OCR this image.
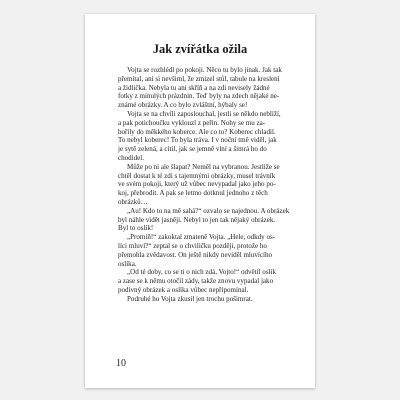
Jak zvířátka ožila

Vojta se rozhlédl po pokoji. Něco tu bylo jinak. Jak tak
přemítal, ani si nevšiml, že zmizel stůl, tabule na kreslení
a židlička. Nebyla tu ani skříň a na zdi nevisely žádné
fotky z minulých prázdnin. Teď byly na zdech nějaké ne-
známé obrázky. A co bylo zvláštní, hýbaly se!

Vojta se na chvíli zaposlouchal, jestli se někdo neblíží,
a pak potichoučku vyklouzl z peřin. Nohy se mu za-
bořily do měkkého koberce. Ale co to? Koberec chladil.
To nebyl koberec! To byla tráva. I v noční tmě viděl, jak
je sytě zelená, a cítil, jak se jemně vlní a šimrá ho do
chodidel.

Může po ní ale šlapat? Neměl na vybranou. Jestliže se
chtěl dostat k té zdi s tajemnými obrázky, musel trávník
ve svém pokoji, který už vůbec nevypadal jako jeho po-
koj, přebrodit. A pak se letmo dotknul jednoho z těch
obrázků…

„Au! Kdo to na mě sahá?“ ozvalo se najednou. A obrázek
byl náhle vidět jasněji. Nebyl to jen tak nějaký obrázek.
Byl to oslík!

„Promiň!“ zakoktal zmateně Vojta. „Hele, odkdy os-
líci mluví?“ zeptal se o chviličku později, protože ho
přemohla zvědavost. On ještě nikdy neviděl mluvícího
oslíka.

„Od té doby, co se ti o nich zdá, Vojto!“ odvětil oslík
a zase se k němu otočil zády, takže znovu vypadal jako
podivný obrázek a oslíka vůbec nepřipomínal.

Podruhé ho Vojta zkusil jen trochu pošimrat.

10
